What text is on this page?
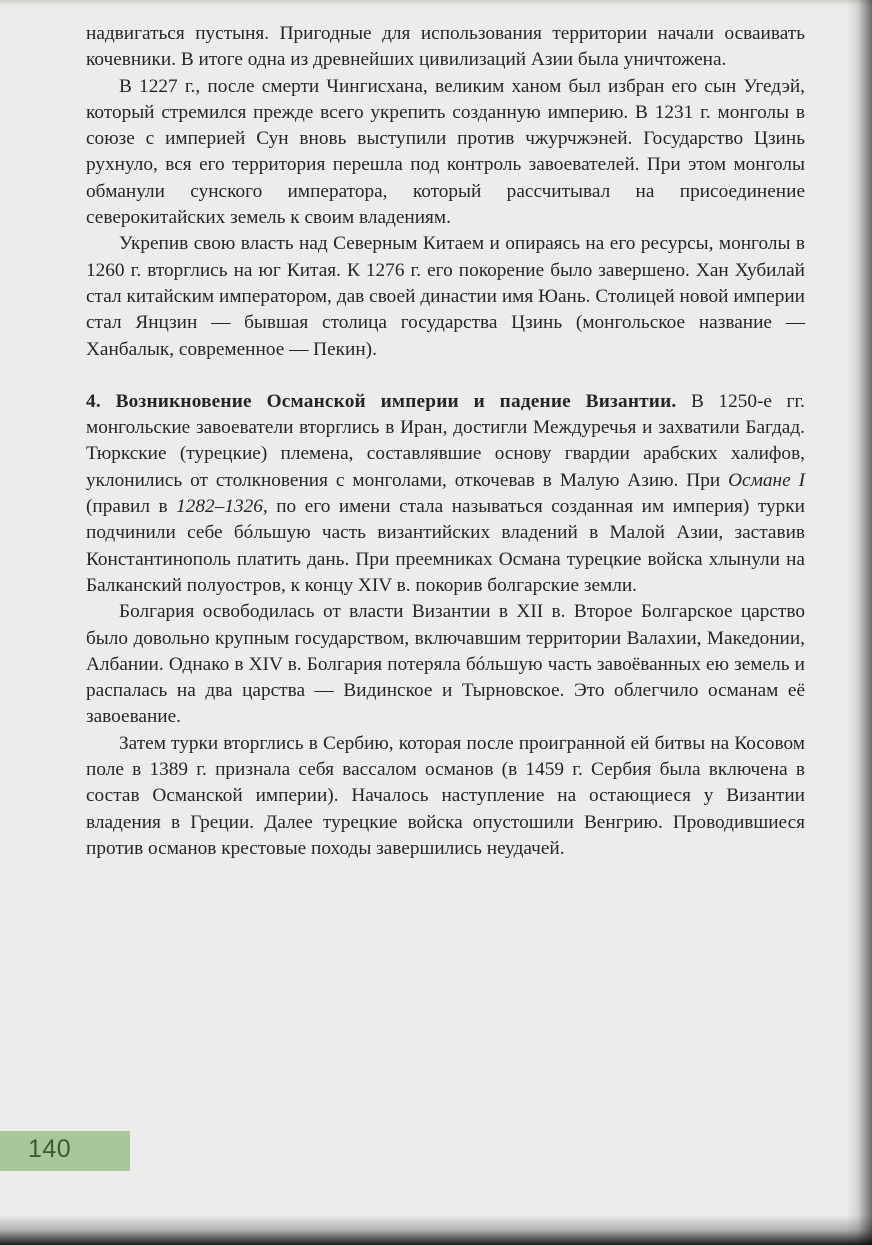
надвигаться пустыня. Пригодные для использования территории начали осваивать кочевники. В итоге одна из древнейших цивилизаций Азии была уничтожена.

В 1227 г., после смерти Чингисхана, великим ханом был избран его сын Угедэй, который стремился прежде всего укрепить созданную империю. В 1231 г. монголы в союзе с империей Сун вновь выступили против чжурчжэней. Государство Цзинь рухнуло, вся его территория перешла под контроль завоевателей. При этом монголы обманули сунского императора, который рассчитывал на присоединение северокитайских земель к своим владениям.

Укрепив свою власть над Северным Китаем и опираясь на его ресурсы, монголы в 1260 г. вторглись на юг Китая. К 1276 г. его покорение было завершено. Хан Хубилай стал китайским императором, дав своей династии имя Юань. Столицей новой империи стал Янцзин — бывшая столица государства Цзинь (монгольское название — Ханбалык, современное — Пекин).

4. Возникновение Османской империи и падение Византии. В 1250-е гг. монгольские завоеватели вторглись в Иран, достигли Междуречья и захватили Багдад. Тюркские (турецкие) племена, составлявшие основу гвардии арабских халифов, уклонились от столкновения с монголами, откочевав в Малую Азию. При Османе I (правил в 1282–1326, по его имени стала называться созданная им империя) турки подчинили себе бóльшую часть византийских владений в Малой Азии, заставив Константинополь платить дань. При преемниках Османа турецкие войска хлынули на Балканский полуостров, к концу XIV в. покорив болгарские земли.

Болгария освободилась от власти Византии в XII в. Второе Болгарское царство было довольно крупным государством, включавшим территории Валахии, Македонии, Албании. Однако в XIV в. Болгария потеряла бóльшую часть завоёванных ею земель и распалась на два царства — Видинское и Тырновское. Это облегчило османам её завоевание.

Затем турки вторглись в Сербию, которая после проигранной ей битвы на Косовом поле в 1389 г. признала себя вассалом османов (в 1459 г. Сербия была включена в состав Османской империи). Началось наступление на остающиеся у Византии владения в Греции. Далее турецкие войска опустошили Венгрию. Проводившиеся против османов крестовые походы завершились неудачей.

140
